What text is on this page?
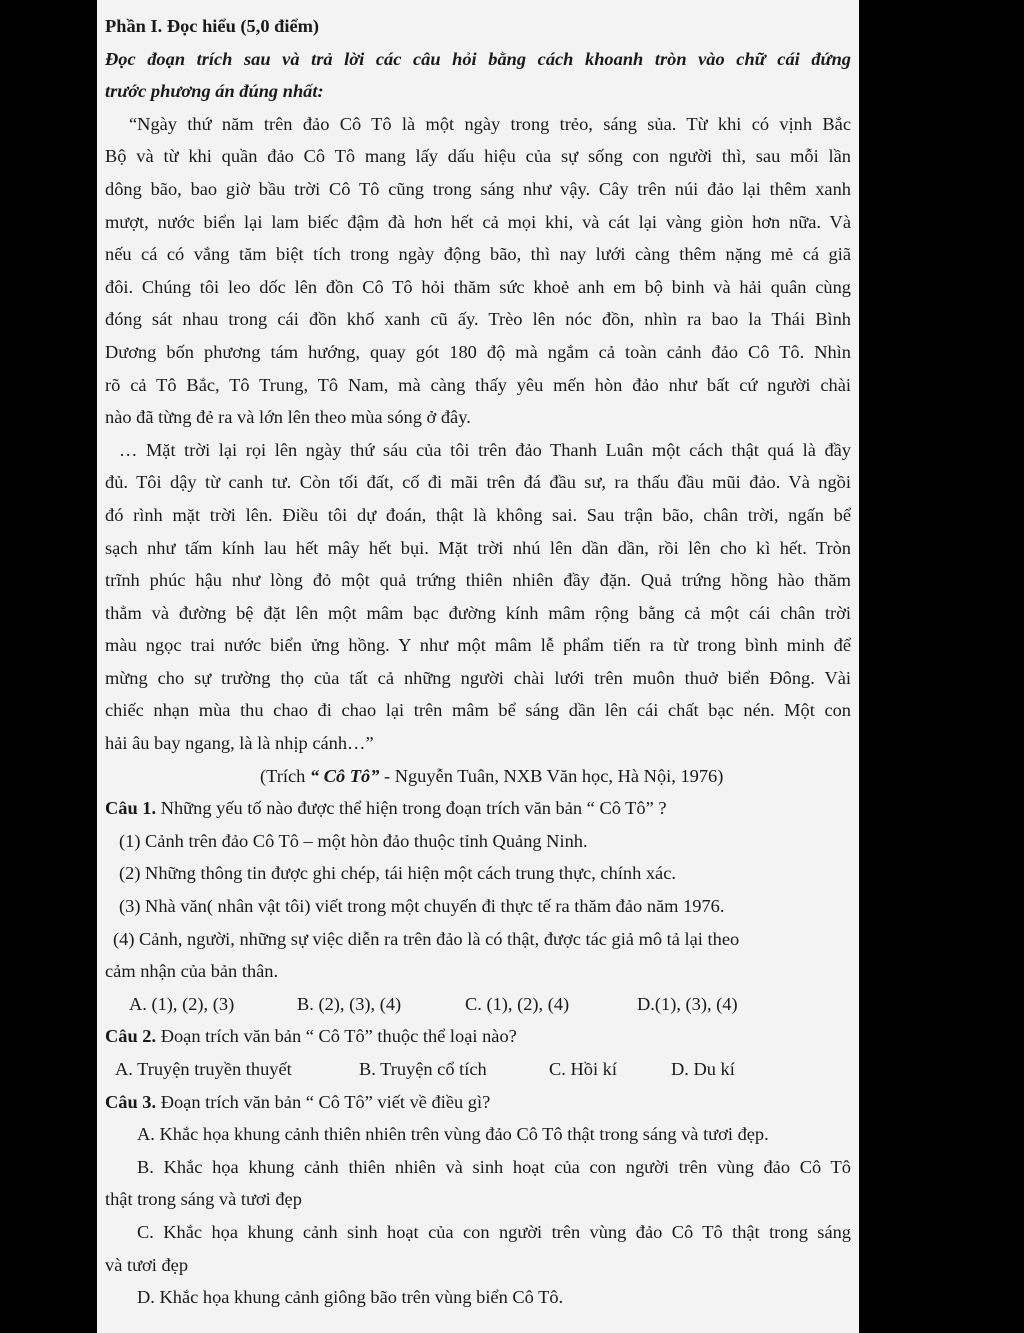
Phần I. Đọc hiểu (5,0 điểm)
Đọc đoạn trích sau và trả lời các câu hỏi bằng cách khoanh tròn vào chữ cái đứng
trước phương án đúng nhất:
“Ngày thứ năm trên đảo Cô Tô là một ngày trong trẻo, sáng sủa. Từ khi có vịnh Bắc
Bộ và từ khi quần đảo Cô Tô mang lấy dấu hiệu của sự sống con người thì, sau mỗi lần
dông bão, bao giờ bầu trời Cô Tô cũng trong sáng như vậy. Cây trên núi đảo lại thêm xanh
mượt, nước biển lại lam biếc đậm đà hơn hết cả mọi khi, và cát lại vàng giòn hơn nữa. Và
nếu cá có vắng tăm biệt tích trong ngày động bão, thì nay lưới càng thêm nặng mẻ cá giã
đôi. Chúng tôi leo dốc lên đồn Cô Tô hỏi thăm sức khoẻ anh em bộ binh và hải quân cùng
đóng sát nhau trong cái đồn khố xanh cũ ấy. Trèo lên nóc đồn, nhìn ra bao la Thái Bình
Dương bốn phương tám hướng, quay gót 180 độ mà ngắm cả toàn cảnh đảo Cô Tô. Nhìn
rõ cả Tô Bắc, Tô Trung, Tô Nam, mà càng thấy yêu mến hòn đảo như bất cứ người chài
nào đã từng đẻ ra và lớn lên theo mùa sóng ở đây.
… Mặt trời lại rọi lên ngày thứ sáu của tôi trên đảo Thanh Luân một cách thật quá là đầy
đủ. Tôi dậy từ canh tư. Còn tối đất, cố đi mãi trên đá đầu sư, ra thấu đầu mũi đảo. Và ngồi
đó rình mặt trời lên. Điều tôi dự đoán, thật là không sai. Sau trận bão, chân trời, ngấn bể
sạch như tấm kính lau hết mây hết bụi. Mặt trời nhú lên dần dần, rồi lên cho kì hết. Tròn
trĩnh phúc hậu như lòng đỏ một quả trứng thiên nhiên đầy đặn. Quả trứng hồng hào thăm
thẳm và đường bệ đặt lên một mâm bạc đường kính mâm rộng bằng cả một cái chân trời
màu ngọc trai nước biển ửng hồng. Y như một mâm lễ phẩm tiến ra từ trong bình minh để
mừng cho sự trường thọ của tất cả những người chài lưới trên muôn thuở biển Đông. Vài
chiếc nhạn mùa thu chao đi chao lại trên mâm bể sáng dần lên cái chất bạc nén. Một con
hải âu bay ngang, là là nhịp cánh…”
(Trích “ Cô Tô” - Nguyễn Tuân, NXB Văn học, Hà Nội, 1976)
Câu 1. Những yếu tố nào được thể hiện trong đoạn trích văn bản “ Cô Tô” ?
(1) Cảnh trên đảo Cô Tô – một hòn đảo thuộc tỉnh Quảng Ninh.
(2) Những thông tin được ghi chép, tái hiện một cách trung thực, chính xác.
(3) Nhà văn( nhân vật tôi) viết trong một chuyến đi thực tế ra thăm đảo năm 1976.
(4) Cảnh, người, những sự việc diễn ra trên đảo là có thật, được tác giả mô tả lại theo
cảm nhận của bản thân.
A. (1), (2), (3)	B. (2), (3), (4)	C. (1), (2), (4)	D.(1), (3), (4)
Câu 2. Đoạn trích văn bản “ Cô Tô” thuộc thể loại nào?
A. Truyện truyền thuyết	B. Truyện cổ tích	C. Hồi kí	D. Du kí
Câu 3. Đoạn trích văn bản “ Cô Tô” viết về điều gì?
A. Khắc họa khung cảnh thiên nhiên trên vùng đảo Cô Tô thật trong sáng và tươi đẹp.
B. Khắc họa khung cảnh thiên nhiên và sinh hoạt của con người trên vùng đảo Cô Tô
thật trong sáng và tươi đẹp
C. Khắc họa khung cảnh sinh hoạt của con người trên vùng đảo Cô Tô thật trong sáng
và tươi đẹp
D. Khắc họa khung cảnh giông bão trên vùng biển Cô Tô.
